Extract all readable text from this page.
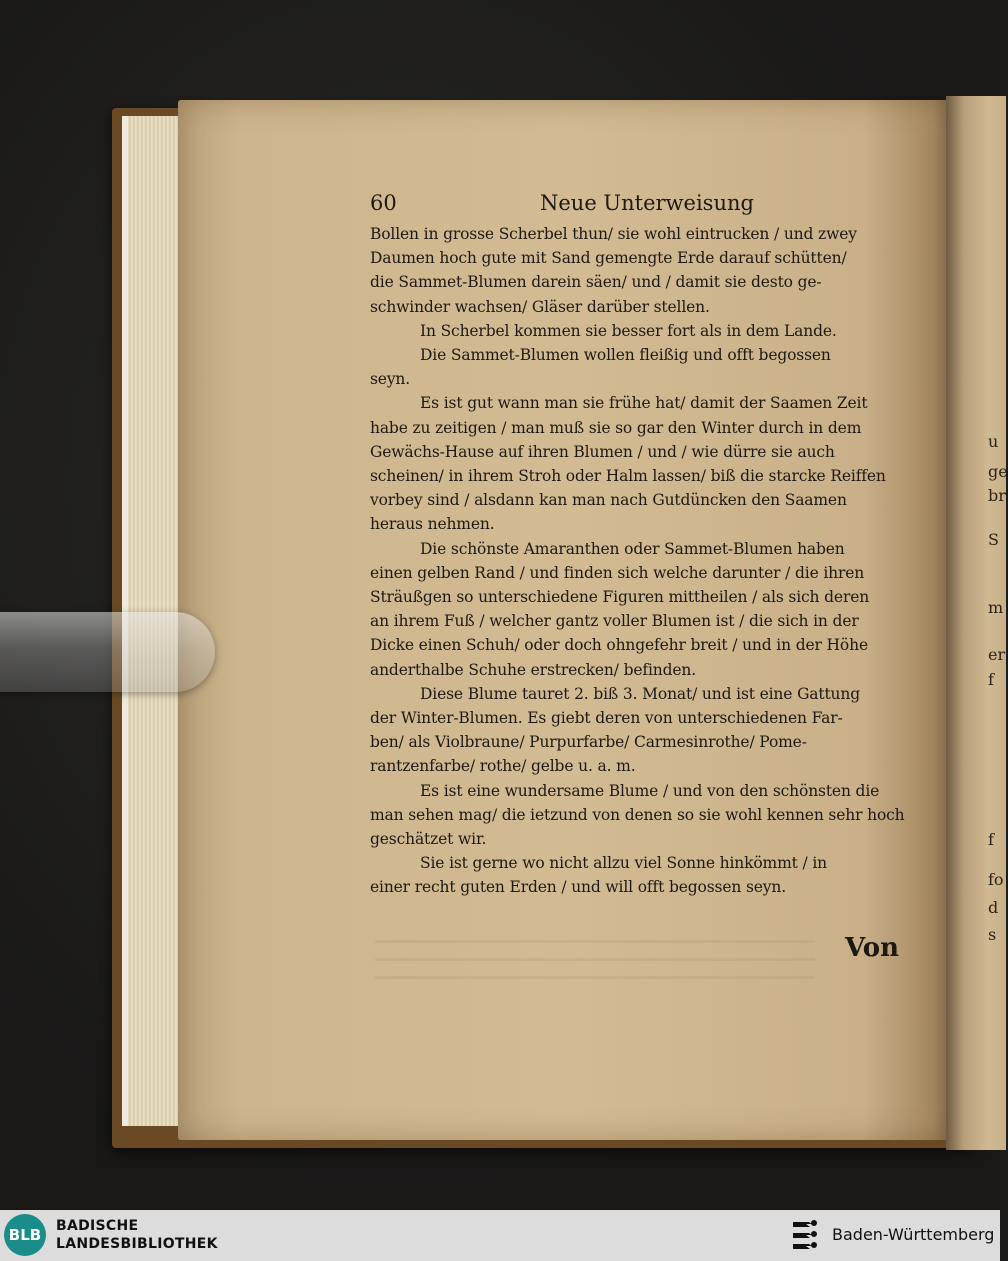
u
ge
br
S
m
er
f
f
fo
d
s
60	Neue Unterweisung
Bollen in grosse Scherbel thun/ sie wohl eintrucken / und zwey
Daumen hoch gute mit Sand gemengte Erde darauf schütten/
die Sammet-Blumen darein säen/ und / damit sie desto ge-
schwinder wachsen/ Gläser darüber stellen.
In Scherbel kommen sie besser fort als in dem Lande.
Die Sammet-Blumen wollen fleißig und offt begossen
seyn.
Es ist gut wann man sie frühe hat/ damit der Saamen Zeit
habe zu zeitigen / man muß sie so gar den Winter durch in dem
Gewächs-Hause auf ihren Blumen / und / wie dürre sie auch
scheinen/ in ihrem Stroh oder Halm lassen/ biß die starcke Reiffen
vorbey sind / alsdann kan man nach Gutdüncken den Saamen
heraus nehmen.
Die schönste Amaranthen oder Sammet-Blumen haben
einen gelben Rand / und finden sich welche darunter / die ihren
Sträußgen so unterschiedene Figuren mittheilen / als sich deren
an ihrem Fuß / welcher gantz voller Blumen ist / die sich in der
Dicke einen Schuh/ oder doch ohngefehr breit / und in der Höhe
anderthalbe Schuhe erstrecken/ befinden.
Diese Blume tauret 2. biß 3. Monat/ und ist eine Gattung
der Winter-Blumen. Es giebt deren von unterschiedenen Far-
ben/ als Violbraune/ Purpurfarbe/ Carmesinrothe/ Pome-
rantzenfarbe/ rothe/ gelbe u. a. m.
Es ist eine wundersame Blume / und von den schönsten die
man sehen mag/ die ietzund von denen so sie wohl kennen sehr hoch
geschätzet wir.
Sie ist gerne wo nicht allzu viel Sonne hinkömmt / in
einer recht guten Erden / und will offt begossen seyn.
Von
BLB	BADISCHE
LANDESBIBLIOTHEK	Baden-Württemberg
